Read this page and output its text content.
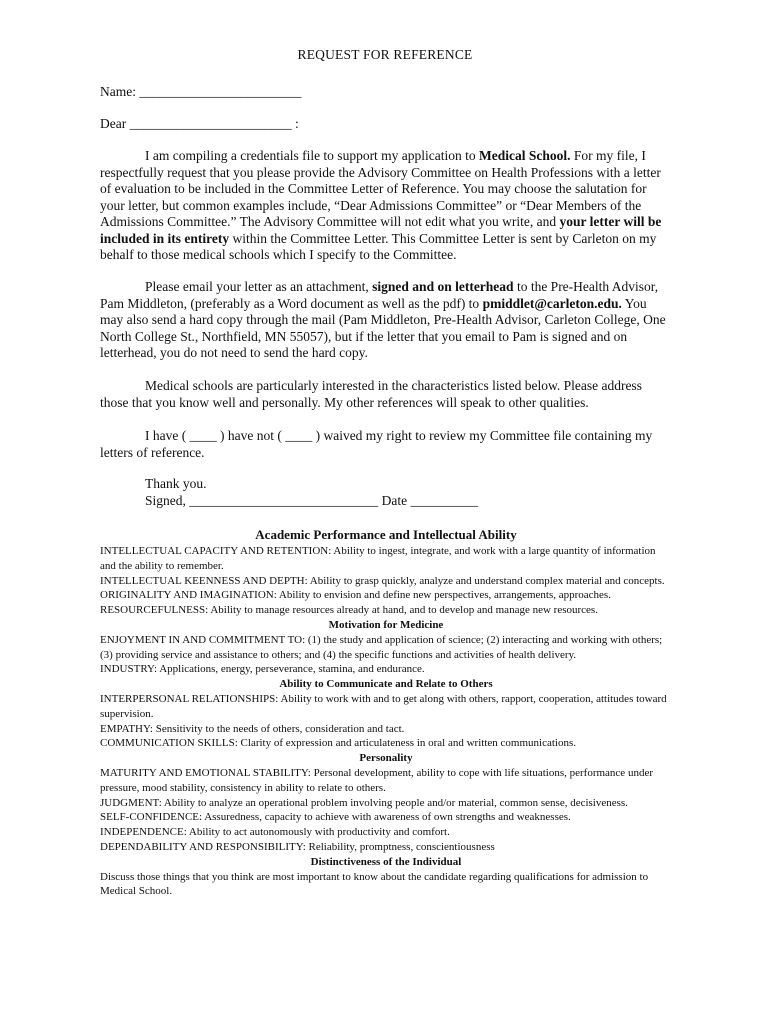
REQUEST FOR REFERENCE
Name: ________________________
Dear ________________________ :
I am compiling a credentials file to support my application to Medical School. For my file, I respectfully request that you please provide the Advisory Committee on Health Professions with a letter of evaluation to be included in the Committee Letter of Reference. You may choose the salutation for your letter, but common examples include, “Dear Admissions Committee” or “Dear Members of the Admissions Committee.” The Advisory Committee will not edit what you write, and your letter will be included in its entirety within the Committee Letter. This Committee Letter is sent by Carleton on my behalf to those medical schools which I specify to the Committee.
Please email your letter as an attachment, signed and on letterhead to the Pre-Health Advisor, Pam Middleton, (preferably as a Word document as well as the pdf) to pmiddlet@carleton.edu. You may also send a hard copy through the mail (Pam Middleton, Pre-Health Advisor, Carleton College, One North College St., Northfield, MN 55057), but if the letter that you email to Pam is signed and on letterhead, you do not need to send the hard copy.
Medical schools are particularly interested in the characteristics listed below. Please address those that you know well and personally. My other references will speak to other qualities.
I have ( ____ ) have not ( ____ ) waived my right to review my Committee file containing my letters of reference.
Thank you.
Signed, ____________________________ Date __________
Academic Performance and Intellectual Ability
INTELLECTUAL CAPACITY AND RETENTION: Ability to ingest, integrate, and work with a large quantity of information and the ability to remember.
INTELLECTUAL KEENNESS AND DEPTH: Ability to grasp quickly, analyze and understand complex material and concepts.
ORIGINALITY AND IMAGINATION: Ability to envision and define new perspectives, arrangements, approaches.
RESOURCEFULNESS: Ability to manage resources already at hand, and to develop and manage new resources.
Motivation for Medicine
ENJOYMENT IN AND COMMITMENT TO: (1) the study and application of science; (2) interacting and working with others; (3) providing service and assistance to others; and (4) the specific functions and activities of health delivery.
INDUSTRY: Applications, energy, perseverance, stamina, and endurance.
Ability to Communicate and Relate to Others
INTERPERSONAL RELATIONSHIPS: Ability to work with and to get along with others, rapport, cooperation, attitudes toward supervision.
EMPATHY: Sensitivity to the needs of others, consideration and tact.
COMMUNICATION SKILLS: Clarity of expression and articulateness in oral and written communications.
Personality
MATURITY AND EMOTIONAL STABILITY: Personal development, ability to cope with life situations, performance under pressure, mood stability, consistency in ability to relate to others.
JUDGMENT: Ability to analyze an operational problem involving people and/or material, common sense, decisiveness.
SELF-CONFIDENCE: Assuredness, capacity to achieve with awareness of own strengths and weaknesses.
INDEPENDENCE: Ability to act autonomously with productivity and comfort.
DEPENDABILITY AND RESPONSIBILITY: Reliability, promptness, conscientiousness
Distinctiveness of the Individual
Discuss those things that you think are most important to know about the candidate regarding qualifications for admission to Medical School.
